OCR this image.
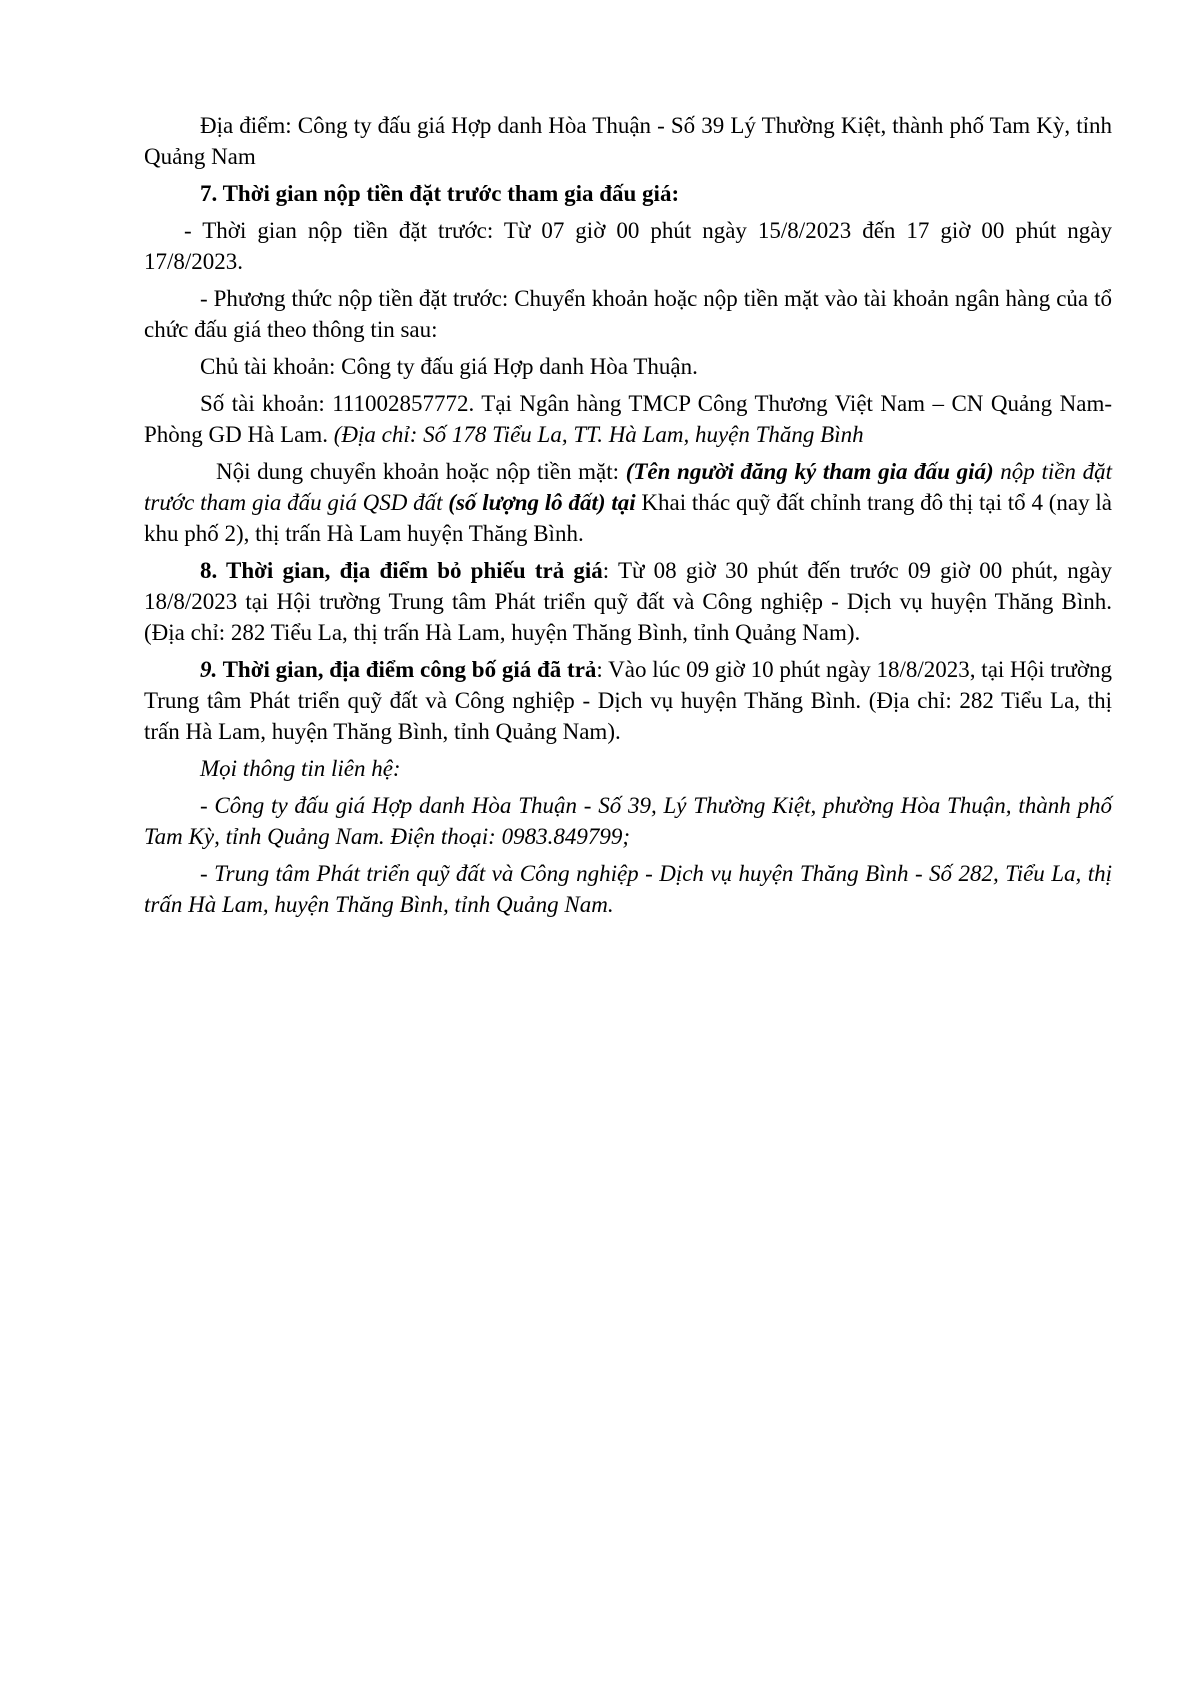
Địa điểm: Công ty đấu giá Hợp danh Hòa Thuận - Số 39 Lý Thường Kiệt, thành phố Tam Kỳ, tỉnh Quảng Nam

7. Thời gian nộp tiền đặt trước tham gia đấu giá:

- Thời gian nộp tiền đặt trước: Từ 07 giờ 00 phút ngày 15/8/2023 đến 17 giờ 00 phút ngày 17/8/2023.

- Phương thức nộp tiền đặt trước: Chuyển khoản hoặc nộp tiền mặt vào tài khoản ngân hàng của tổ chức đấu giá theo thông tin sau:

Chủ tài khoản: Công ty đấu giá Hợp danh Hòa Thuận.

Số tài khoản: 111002857772. Tại Ngân hàng TMCP Công Thương Việt Nam – CN Quảng Nam- Phòng GD Hà Lam. (Địa chỉ: Số 178 Tiểu La, TT. Hà Lam, huyện Thăng Bình

Nội dung chuyển khoản hoặc nộp tiền mặt: (Tên người đăng ký tham gia đấu giá) nộp tiền đặt trước tham gia đấu giá QSD đất (số lượng lô đất) tại Khai thác quỹ đất chỉnh trang đô thị tại tổ 4 (nay là khu phố 2), thị trấn Hà Lam huyện Thăng Bình.

8. Thời gian, địa điểm bỏ phiếu trả giá: Từ 08 giờ 30 phút đến trước 09 giờ 00 phút, ngày 18/8/2023 tại Hội trường Trung tâm Phát triển quỹ đất và Công nghiệp - Dịch vụ huyện Thăng Bình. (Địa chỉ: 282 Tiểu La, thị trấn Hà Lam, huyện Thăng Bình, tỉnh Quảng Nam).

9. Thời gian, địa điểm công bố giá đã trả: Vào lúc 09 giờ 10 phút ngày 18/8/2023, tại Hội trường Trung tâm Phát triển quỹ đất và Công nghiệp - Dịch vụ huyện Thăng Bình. (Địa chỉ: 282 Tiểu La, thị trấn Hà Lam, huyện Thăng Bình, tỉnh Quảng Nam).

Mọi thông tin liên hệ:

- Công ty đấu giá Hợp danh Hòa Thuận - Số 39, Lý Thường Kiệt, phường Hòa Thuận, thành phố Tam Kỳ, tỉnh Quảng Nam. Điện thoại: 0983.849799;

- Trung tâm Phát triển quỹ đất và Công nghiệp - Dịch vụ huyện Thăng Bình - Số 282, Tiểu La, thị trấn Hà Lam, huyện Thăng Bình, tỉnh Quảng Nam.
